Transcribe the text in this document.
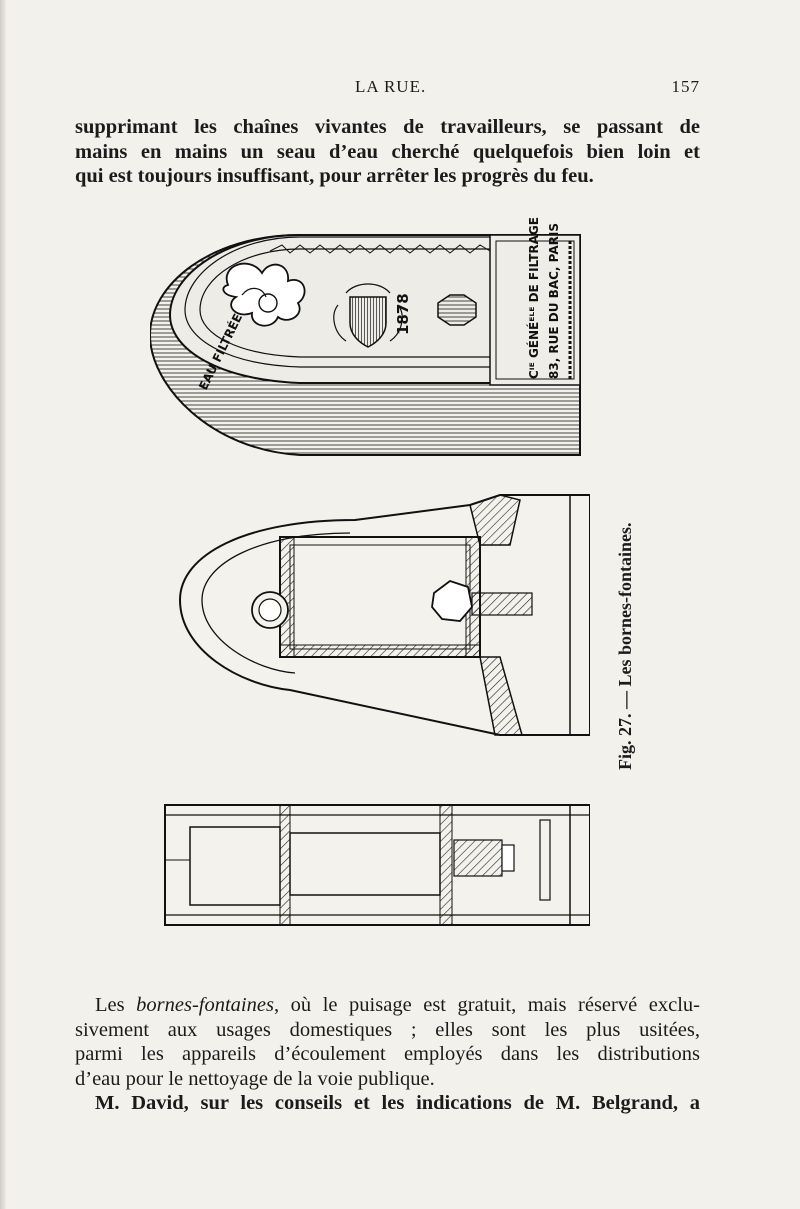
LA RUE.	157
supprimant les chaînes vivantes de travailleurs, se passant de
mains en mains un seau d’eau cherché quelquefois bien loin et
qui est toujours insuffisant, pour arrêter les progrès du feu.
EAU FILTRÉE	1878	Cᴵᴱ GÉNÉᴱᴸᴱ DE FILTRAGE 83, RUE DU BAC, PARIS
Fig. 27. — Les bornes-fontaines.
Les bornes-fontaines, où le puisage est gratuit, mais réservé exclu-
sivement aux usages domestiques ; elles sont les plus usitées,
parmi les appareils d’écoulement employés dans les distributions
d’eau pour le nettoyage de la voie publique.
M. David, sur les conseils et les indications de M. Belgrand, a
